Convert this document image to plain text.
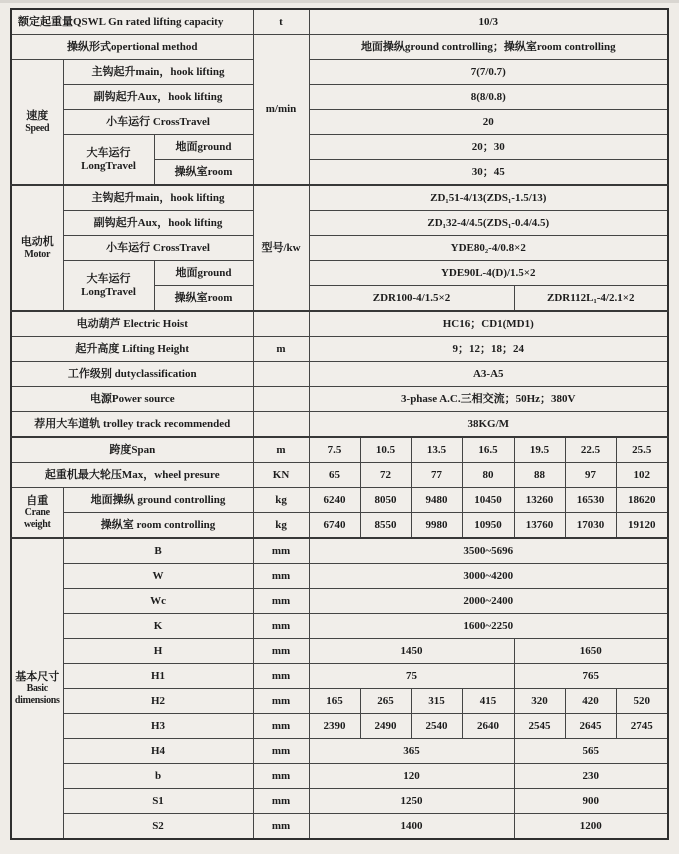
额定起重量QSWL Gn rated lifting capacity			t	10/3						
操纵形式opertional method			m/min	地面操纵ground controlling；操纵室room controlling						

速度
Speed	主钩起升main，hook lifting			7(7/0.7)						
	副钩起升Aux，hook lifting			8(8/0.8)						
	小车运行 CrossTravel			20						

	大车运行
LongTravel	地面ground		20；30						
		操纵室room		30；45						

电动机
Motor	主钩起升main，hook lifting		型号/kw	ZD₁51-4/13(ZDS₁-1.5/13)						
	副钩起升Aux，hook lifting			ZD₁32-4/4.5(ZDS₁-0.4/4.5)						
	小车运行 CrossTravel			YDE80₂-4/0.8×2						

	大车运行
LongTravel	地面ground		YDE90L-4(D)/1.5×2						
		操纵室room		ZDR100-4/1.5×2				ZDR112L₁-4/2.1×2		
电动葫芦 Electric Hoist				HC16；CD1(MD1)						
起升高度 Lifting Height			m	9；12；18；24						
工作级别 dutyclassification				A3-A5						
电源Power source				3-phase A.C.三相交流；50Hz；380V						
荐用大车道轨 trolley track recommended				38KG/M						
跨度Span			m	7.5	10.5	13.5	16.5	19.5	22.5	25.5
起重机最大轮压Max，wheel presure			KN	65	72	77	80	88	97	102

自重
Crane
weight	地面操纵 ground controlling		kg	6240	8050	9480	10450	13260	16530	18620
	操纵室 room controlling		kg	6740	8550	9980	10950	13760	17030	19120

基本尺寸
Basic
dimensions	B		mm	3500~5696						
	W		mm	3000~4200						
	Wc		mm	2000~2400						
	K		mm	1600~2250						
	H		mm	1450				1650		
	H1		mm	75				765		
	H2		mm	165	265	315	415	320	420	520
	H3		mm	2390	2490	2540	2640	2545	2645	2745
	H4		mm	365				565		
	b		mm	120				230		
	S1		mm	1250				900		
	S2		mm	1400				1200		
